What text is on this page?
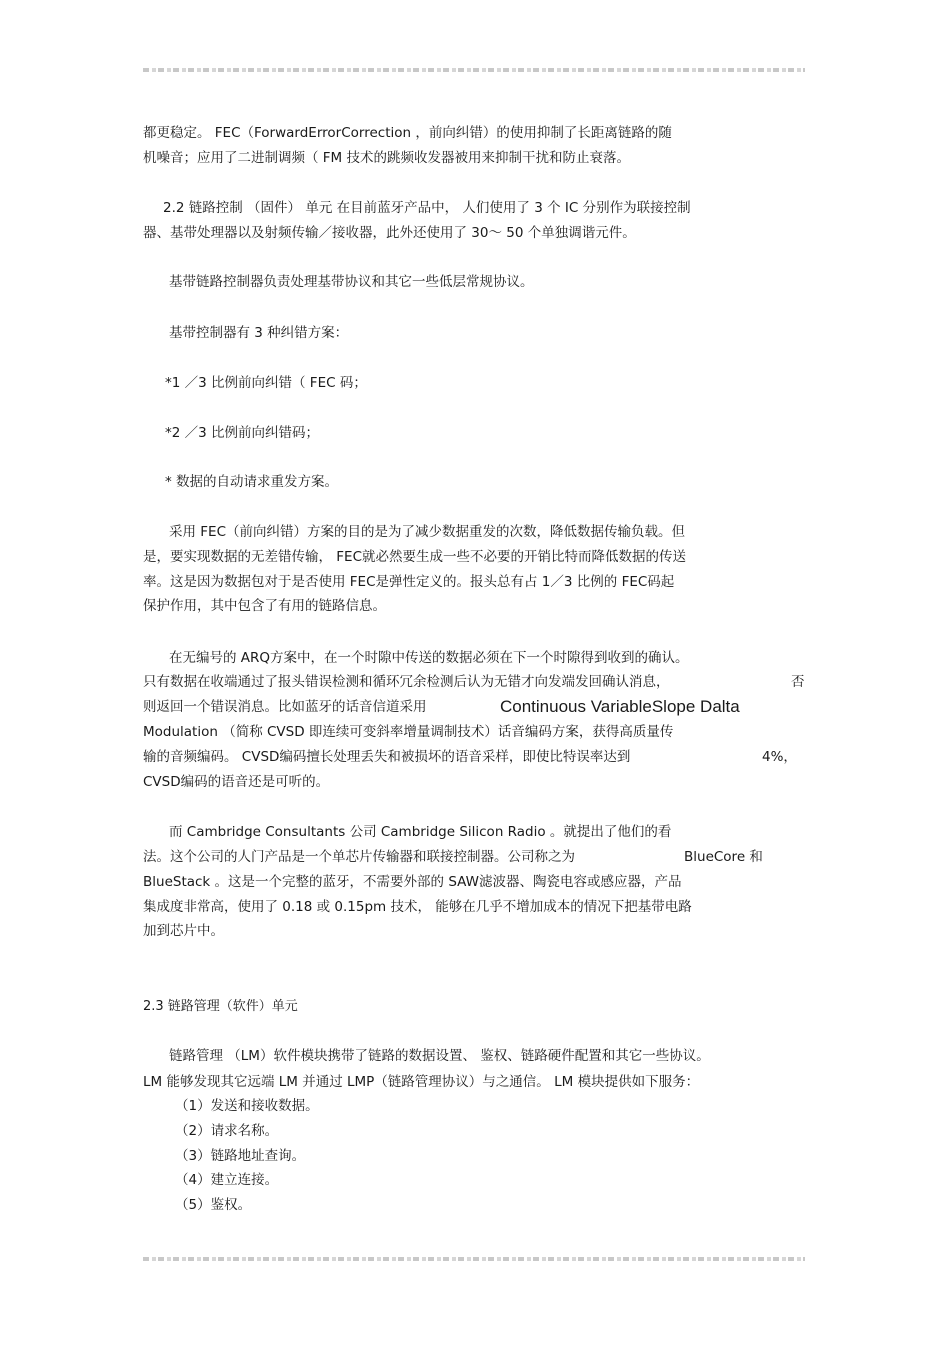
都更稳定。 FEC（ForwardErrorCorrection ，前向纠错）的使用抑制了长距离链路的随
机噪音；应用了二进制调频（ FM 技术的跳频收发器被用来抑制干扰和防止衰落。
2.2 链路控制 （固件） 单元 在目前蓝牙产品中， 人们使用了 3 个 IC 分别作为联接控制
器、基带处理器以及射频传输／接收器，此外还使用了 30～ 50 个单独调谐元件。
基带链路控制器负责处理基带协议和其它一些低层常规协议。
基带控制器有 3 种纠错方案：
*1 ／3 比例前向纠错（ FEC 码；
*2 ／3 比例前向纠错码；
* 数据的自动请求重发方案。
采用 FEC（前向纠错）方案的目的是为了减少数据重发的次数，降低数据传输负载。但
是，要实现数据的无差错传输， FEC就必然要生成一些不必要的开销比特而降低数据的传送
率。这是因为数据包对于是否使用 FEC是弹性定义的。报头总有占 1／3 比例的 FEC码起
保护作用，其中包含了有用的链路信息。
在无编号的 ARQ方案中，在一个时隙中传送的数据必须在下一个时隙得到收到的确认。
只有数据在收端通过了报头错误检测和循环冗余检测后认为无错才向发端发回确认消息，	否
则返回一个错误消息。比如蓝牙的话音信道采用	Continuous VariableSlope Dalta
Modulation （简称 CVSD 即连续可变斜率增量调制技术）话音编码方案，获得高质量传
输的音频编码。 CVSD编码擅长处理丢失和被损坏的语音采样，即使比特误率达到	4%，
CVSD编码的语音还是可听的。
而 Cambridge Consultants 公司 Cambridge Silicon Radio 。就提出了他们的看
法。这个公司的人门产品是一个单芯片传输器和联接控制器。公司称之为	BlueCore 和
BlueStack 。这是一个完整的蓝牙，不需要外部的 SAW滤波器、陶瓷电容或感应器，产品
集成度非常高，使用了 0.18 或 0.15pm 技术， 能够在几乎不增加成本的情况下把基带电路
加到芯片中。
2.3 链路管理（软件）单元
链路管理 （LM）软件模块携带了链路的数据设置、 鉴权、链路硬件配置和其它一些协议。
LM 能够发现其它远端 LM 并通过 LMP（链路管理协议）与之通信。 LM 模块提供如下服务：
（1）发送和接收数据。
（2）请求名称。
（3）链路地址查询。
（4）建立连接。
（5）鉴权。
